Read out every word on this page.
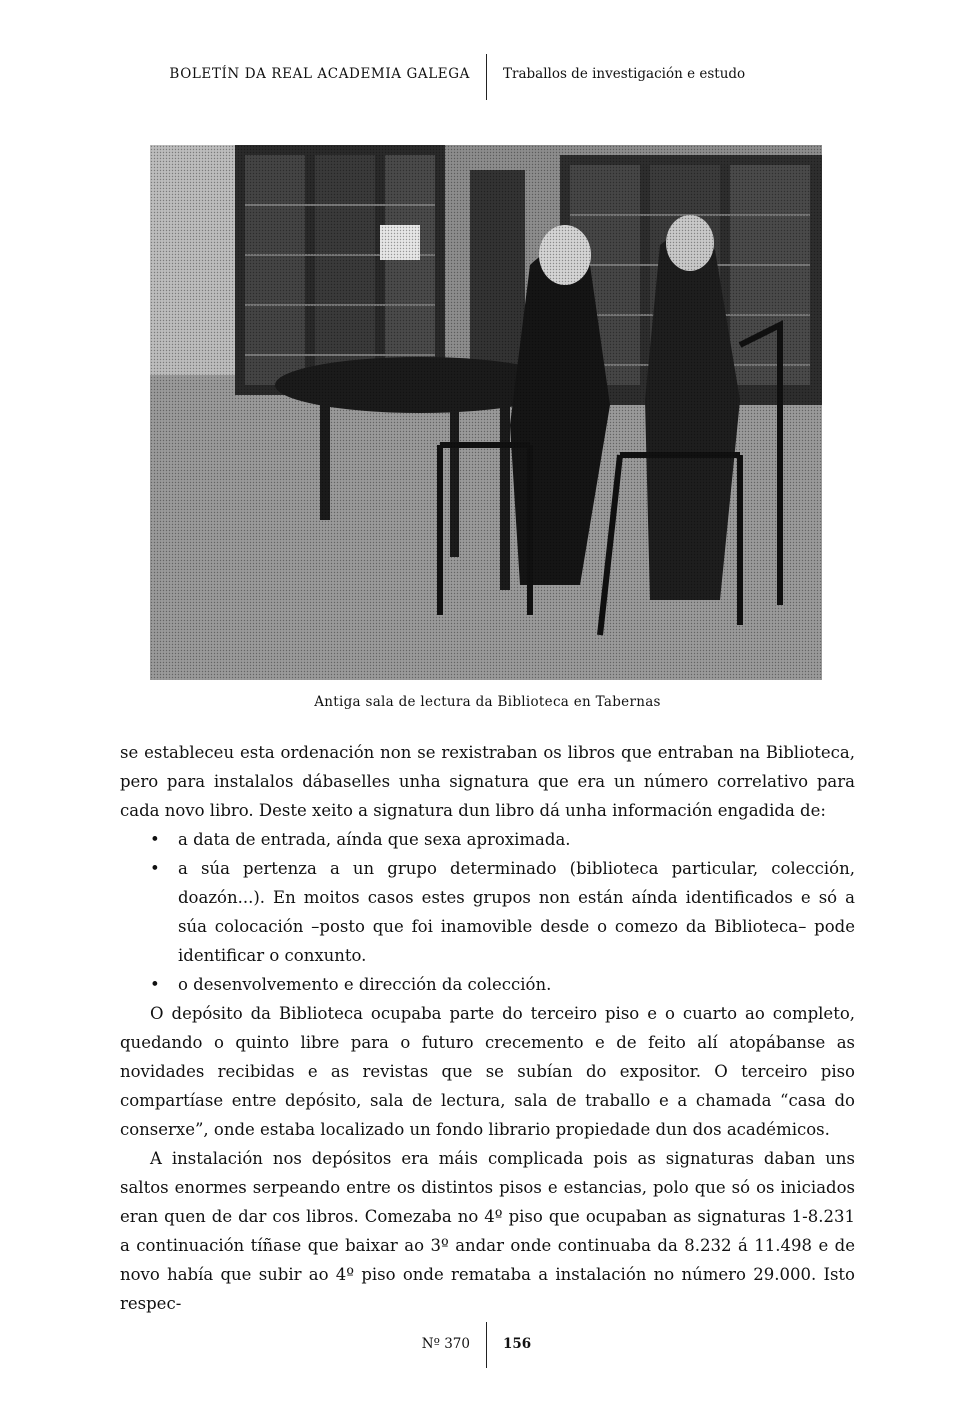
BOLETÍN DA REAL ACADEMIA GALEGA Traballos de investigación e estudo
Antiga sala de lectura da Biblioteca en Tabernas

se estableceu esta ordenación non se rexistraban os libros que entraban na Biblioteca, pero para instalalos dábaselles unha signatura que era un número correlativo para cada novo libro. Deste xeito a signatura dun libro dá unha información engadida de:

• a data de entrada, aínda que sexa aproximada.
• a súa pertenza a un grupo determinado (biblioteca particular, colección, doazón...). En moitos casos estes grupos non están aínda identificados e só a súa colocación –posto que foi inamovible desde o comezo da Biblioteca– pode identificar o conxunto.
• o desenvolvemento e dirección da colección.

O depósito da Biblioteca ocupaba parte do terceiro piso e o cuarto ao completo, quedando o quinto libre para o futuro crecemento e de feito alí atopábanse as novidades recibidas e as revistas que se subían do expositor. O terceiro piso compartíase entre depósito, sala de lectura, sala de traballo e a chamada “casa do conserxe”, onde estaba localizado un fondo librario propiedade dun dos académicos.

A instalación nos depósitos era máis complicada pois as signaturas daban uns saltos enormes serpeando entre os distintos pisos e estancias, polo que só os iniciados eran quen de dar cos libros. Comezaba no 4º piso que ocupaban as signaturas 1-8.231 a continuación tíñase que baixar ao 3º andar onde continuaba da 8.232 á 11.498 e de novo había que subir ao 4º piso onde remataba a instalación no número 29.000. Isto respec-

Nº 370 156
